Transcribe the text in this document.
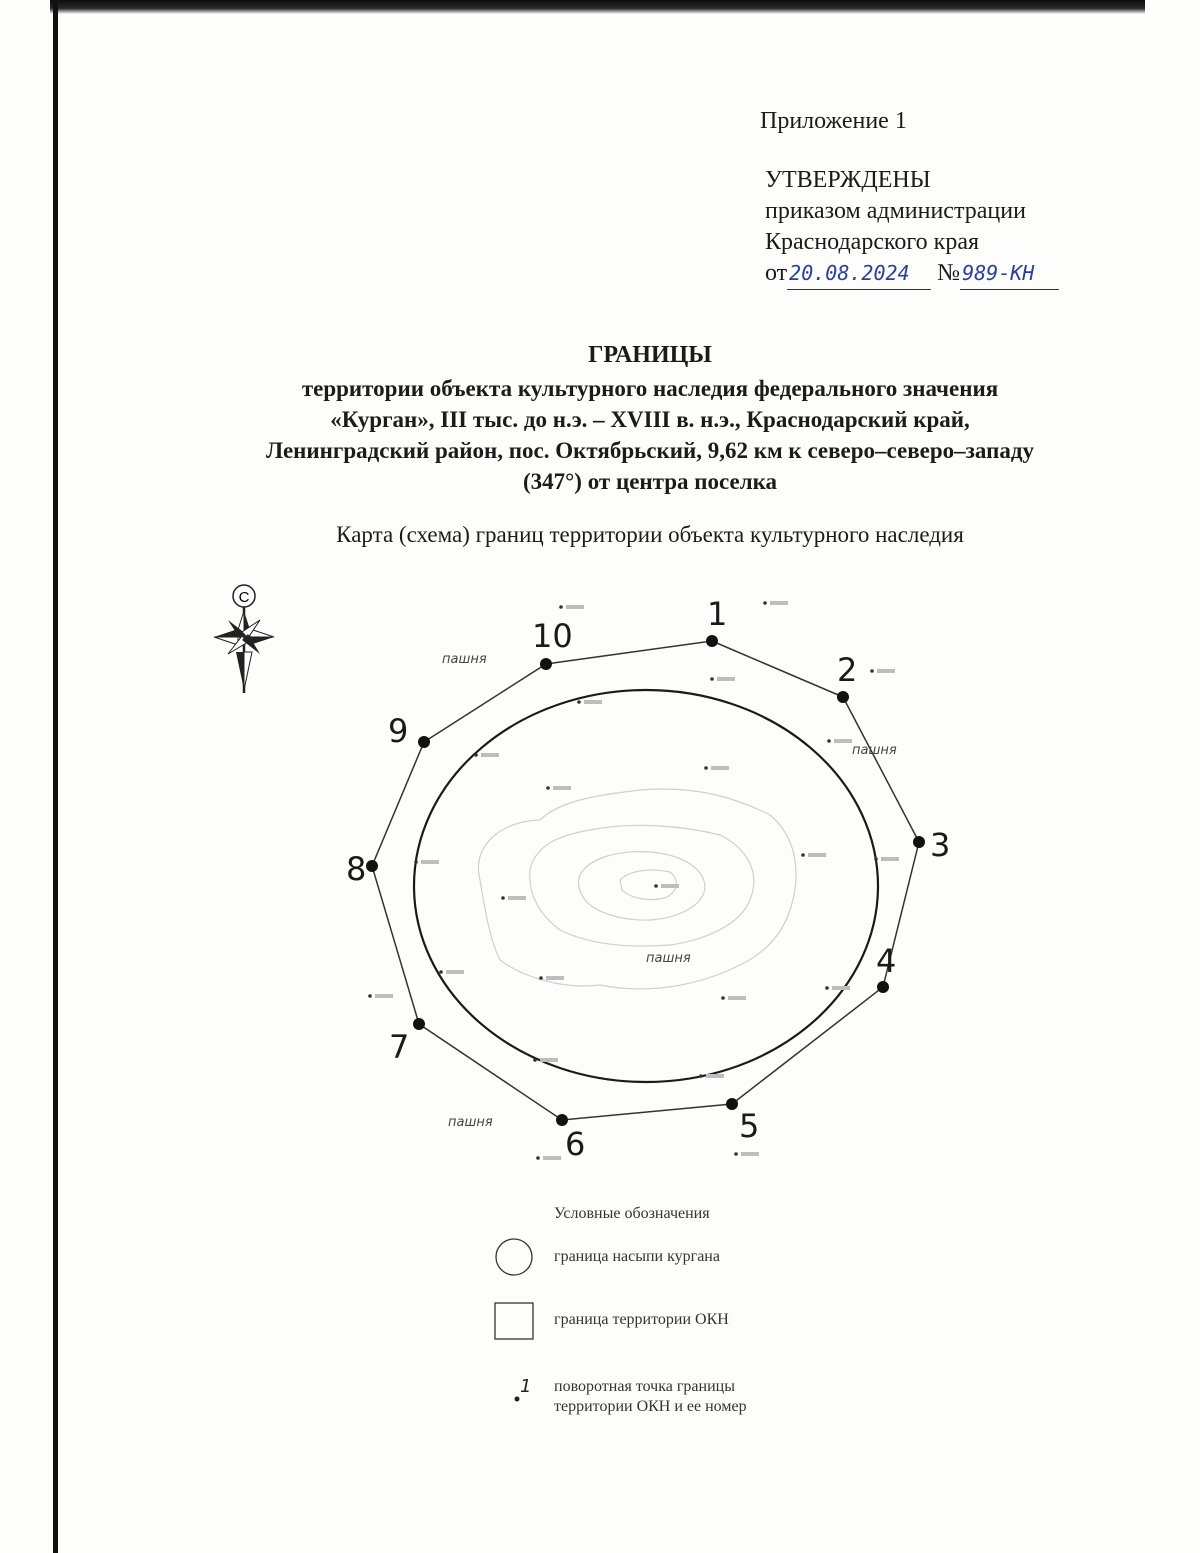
Приложение 1
УТВЕРЖДЕНЫ
приказом администрации
Краснодарского края
от 20.08.2024 № 989-КН
ГРАНИЦЫ
территории объекта культурного наследия федерального значения
«Курган», III тыс. до н.э. – XVIII в. н.э., Краснодарский край,
Ленинградский район, пос. Октябрьский, 9,62 км к северо–северо–западу
(347°) от центра поселка
Карта (схема) границ территории объекта культурного наследия
С	1
2
3
4
5
6
7
8
9
10
пашня
пашня
пашня
пашня
1
Условные обозначения
граница насыпи кургана
граница территории ОКН
поворотная точка границы
территории ОКН и ее номер
